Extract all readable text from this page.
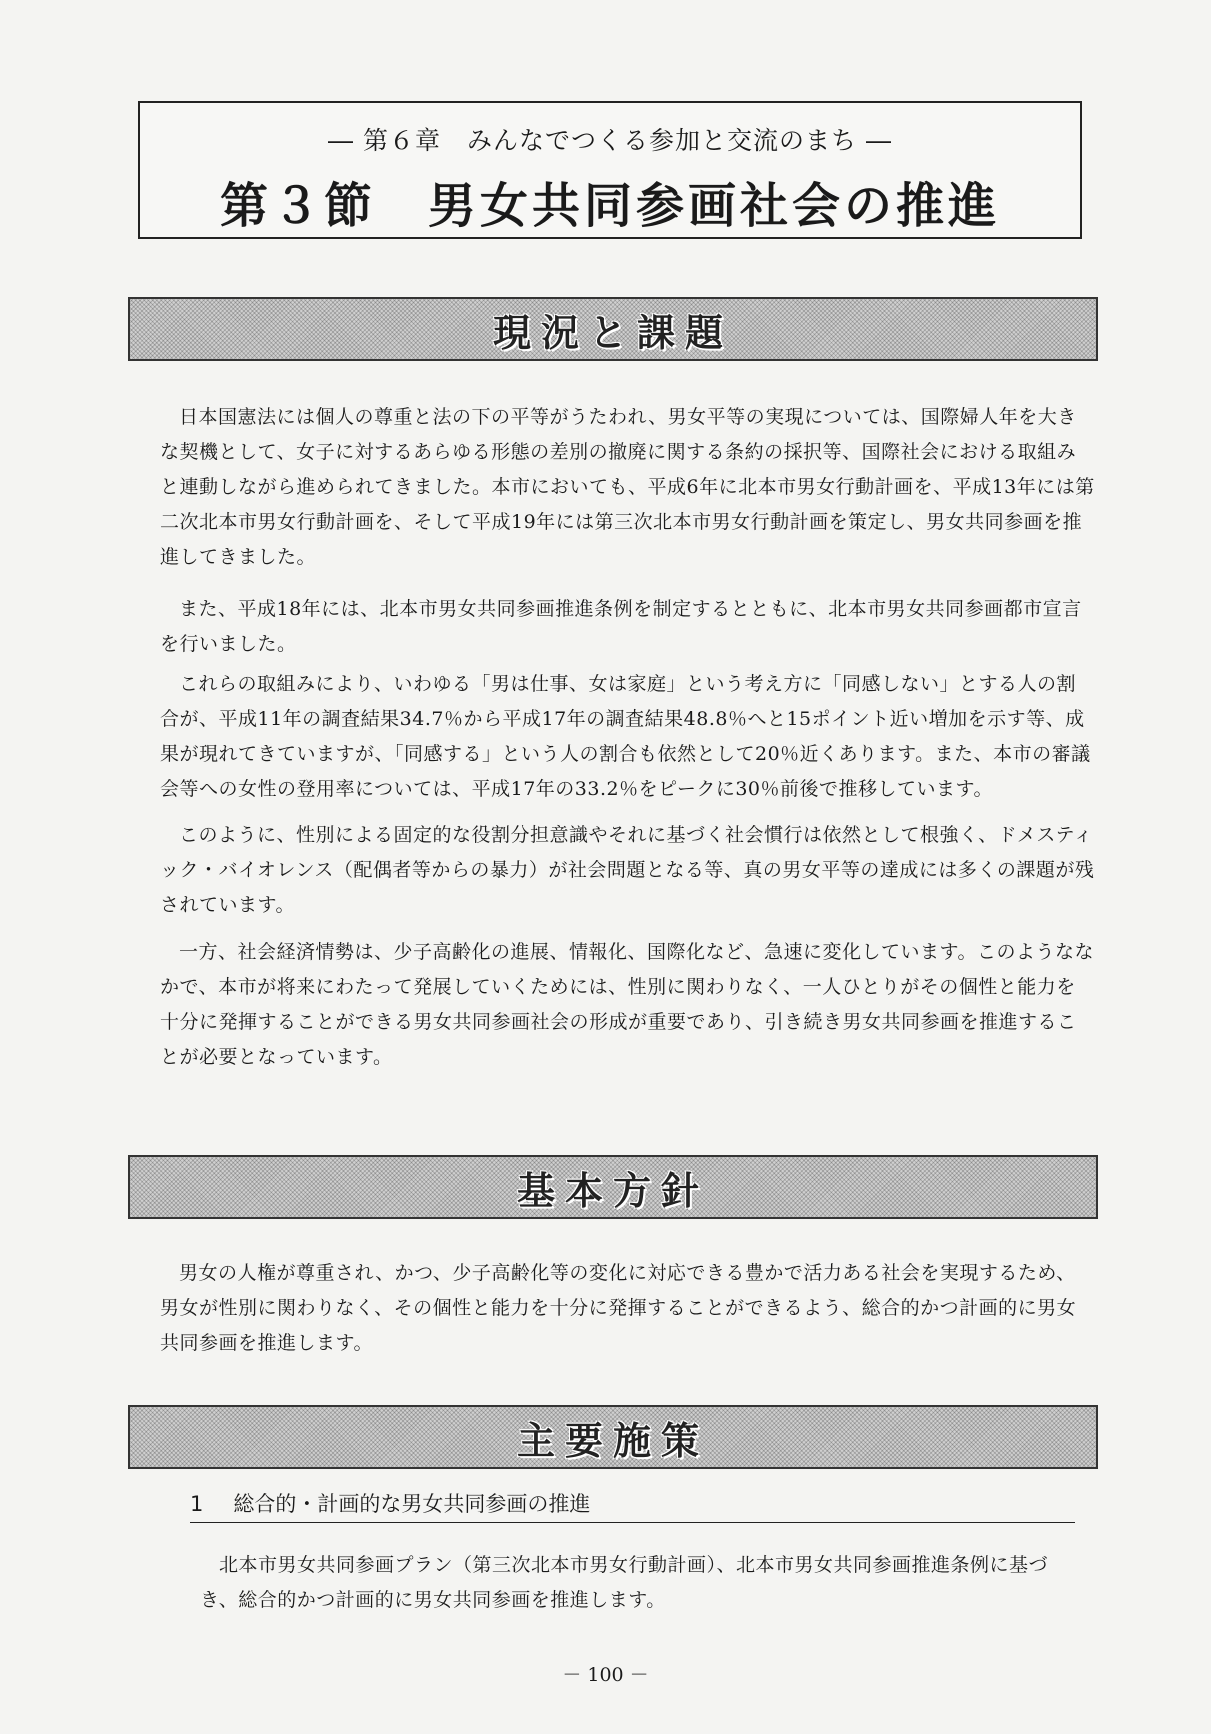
― 第６章　みんなでつくる参加と交流のまち ―
第３節　男女共同参画社会の推進
現況と課題

日本国憲法には個人の尊重と法の下の平等がうたわれ、男女平等の実現については、国際婦人年を大きな契機として、女子に対するあらゆる形態の差別の撤廃に関する条約の採択等、国際社会における取組みと連動しながら進められてきました。本市においても、平成6年に北本市男女行動計画を、平成13年には第二次北本市男女行動計画を、そして平成19年には第三次北本市男女行動計画を策定し、男女共同参画を推進してきました。

また、平成18年には、北本市男女共同参画推進条例を制定するとともに、北本市男女共同参画都市宣言を行いました。

これらの取組みにより、いわゆる「男は仕事、女は家庭」という考え方に「同感しない」とする人の割合が、平成11年の調査結果34.7％から平成17年の調査結果48.8％へと15ポイント近い増加を示す等、成果が現れてきていますが、「同感する」という人の割合も依然として20％近くあります。また、本市の審議会等への女性の登用率については、平成17年の33.2％をピークに30％前後で推移しています。

このように、性別による固定的な役割分担意識やそれに基づく社会慣行は依然として根強く、ドメスティック・バイオレンス（配偶者等からの暴力）が社会問題となる等、真の男女平等の達成には多くの課題が残されています。

一方、社会経済情勢は、少子高齢化の進展、情報化、国際化など、急速に変化しています。このようななかで、本市が将来にわたって発展していくためには、性別に関わりなく、一人ひとりがその個性と能力を十分に発揮することができる男女共同参画社会の形成が重要であり、引き続き男女共同参画を推進することが必要となっています。

基本方針

男女の人権が尊重され、かつ、少子高齢化等の変化に対応できる豊かで活力ある社会を実現するため、男女が性別に関わりなく、その個性と能力を十分に発揮することができるよう、総合的かつ計画的に男女共同参画を推進します。

主要施策
1 総合的・計画的な男女共同参画の推進

北本市男女共同参画プラン（第三次北本市男女行動計画）、北本市男女共同参画推進条例に基づき、総合的かつ計画的に男女共同参画を推進します。

－ 100 －
